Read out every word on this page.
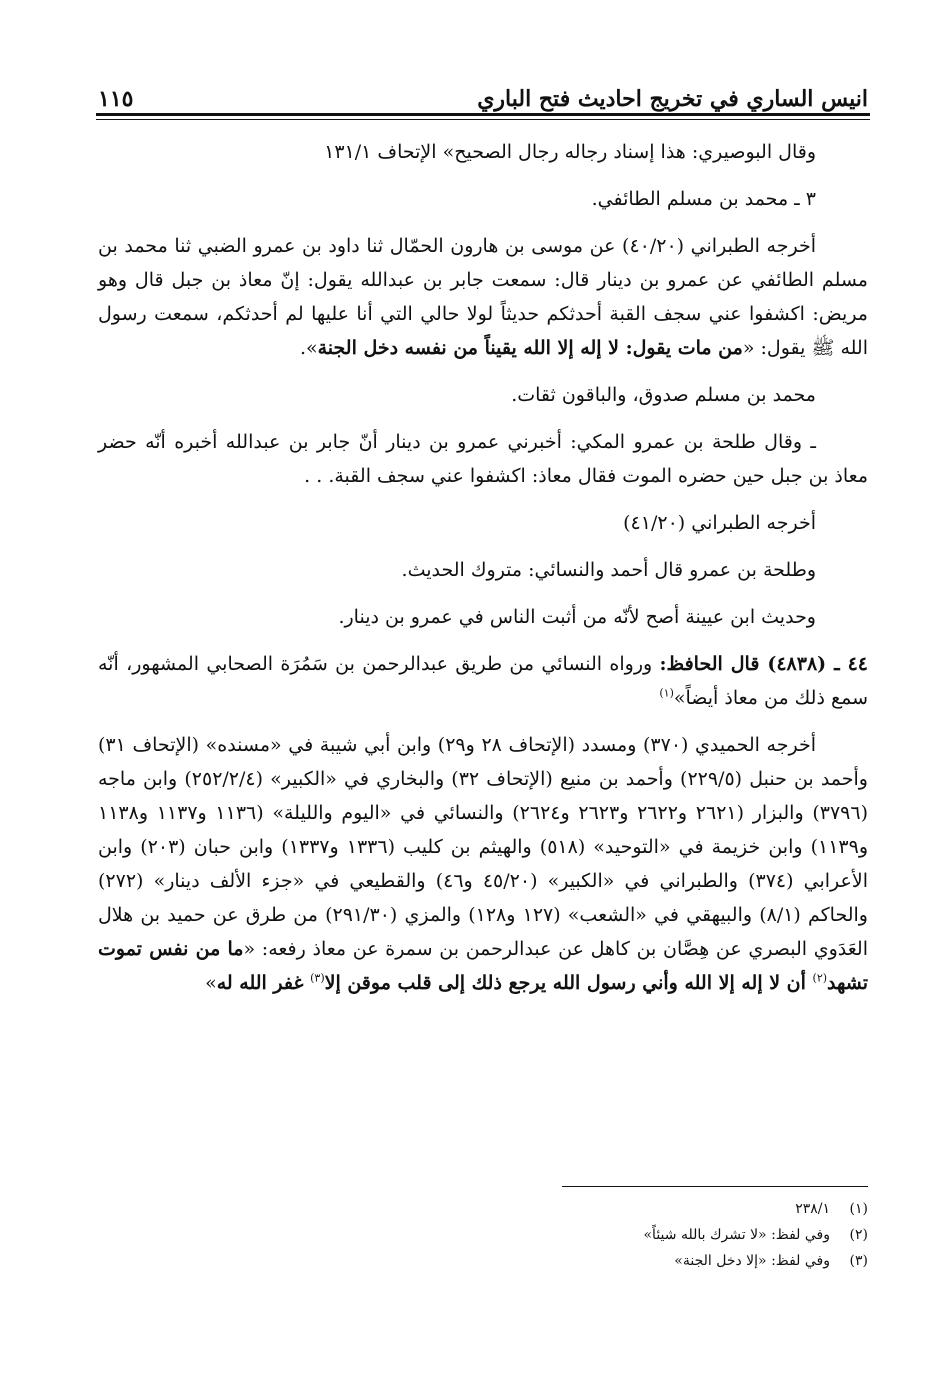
انيس الساري في تخريج احاديث فتح الباري
١١٥

وقال البوصيري: هذا إسناد رجاله رجال الصحيح» الإتحاف ١٣١/١

٣ ـ محمد بن مسلم الطائفي.

أخرجه الطبراني (٤٠/٢٠) عن موسى بن هارون الحمّال ثنا داود بن عمرو الضبي ثنا محمد بن مسلم الطائفي عن عمرو بن دينار قال: سمعت جابر بن عبدالله يقول: إنّ معاذ بن جبل قال وهو مريض: اكشفوا عني سجف القبة أحدثكم حديثاً لولا حالي التي أنا عليها لم أحدثكم، سمعت رسول الله ﷺ يقول: «من مات يقول: لا إله إلا الله يقيناً من نفسه دخل الجنة».

محمد بن مسلم صدوق، والباقون ثقات.

ـ وقال طلحة بن عمرو المكي: أخبرني عمرو بن دينار أنّ جابر بن عبدالله أخبره أنّه حضر معاذ بن جبل حين حضره الموت فقال معاذ: اكشفوا عني سجف القبة. . .

أخرجه الطبراني (٤١/٢٠)

وطلحة بن عمرو قال أحمد والنسائي: متروك الحديث.

وحديث ابن عيينة أصح لأنّه من أثبت الناس في عمرو بن دينار.

٤٤ ـ (٤٨٣٨) قال الحافظ: ورواه النسائي من طريق عبدالرحمن بن سَمُرَة الصحابي المشهور، أنّه سمع ذلك من معاذ أيضاً»$^{(١)}$

أخرجه الحميدي (٣٧٠) ومسدد (الإتحاف ٢٨ و٢٩) وابن أبي شيبة في «مسنده» (الإتحاف ٣١) وأحمد بن حنبل (٢٢٩/٥) وأحمد بن منيع (الإتحاف ٣٢) والبخاري في «الكبير» (٢٥٢/٢/٤) وابن ماجه (٣٧٩٦) والبزار (٢٦٢١ و٢٦٢٢ و٢٦٢٣ و٢٦٢٤) والنسائي في «اليوم والليلة» (١١٣٦ و١١٣٧ و١١٣٨ و١١٣٩) وابن خزيمة في «التوحيد» (٥١٨) والهيثم بن كليب (١٣٣٦ و١٣٣٧) وابن حبان (٢٠٣) وابن الأعرابي (٣٧٤) والطبراني في «الكبير» (٤٥/٢٠ و٤٦) والقطيعي في «جزء الألف دينار» (٢٧٢) والحاكم (٨/١) والبيهقي في «الشعب» (١٢٧ و١٢٨) والمزي (٢٩١/٣٠) من طرق عن حميد بن هلال العَدَوي البصري عن هِصَّان بن كاهل عن عبدالرحمن بن سمرة عن معاذ رفعه: «ما من نفس تموت تشهد$^{(٢)}$ أن لا إله إلا الله وأني رسول الله يرجع ذلك إلى قلب موقن إلا$^{(٣)}$ غفر الله له»

(١)
٢٣٨/١
(٢)
وفي لفظ: «لا تشرك بالله شيئاً»
(٣)
وفي لفظ: «إلا دخل الجنة»
